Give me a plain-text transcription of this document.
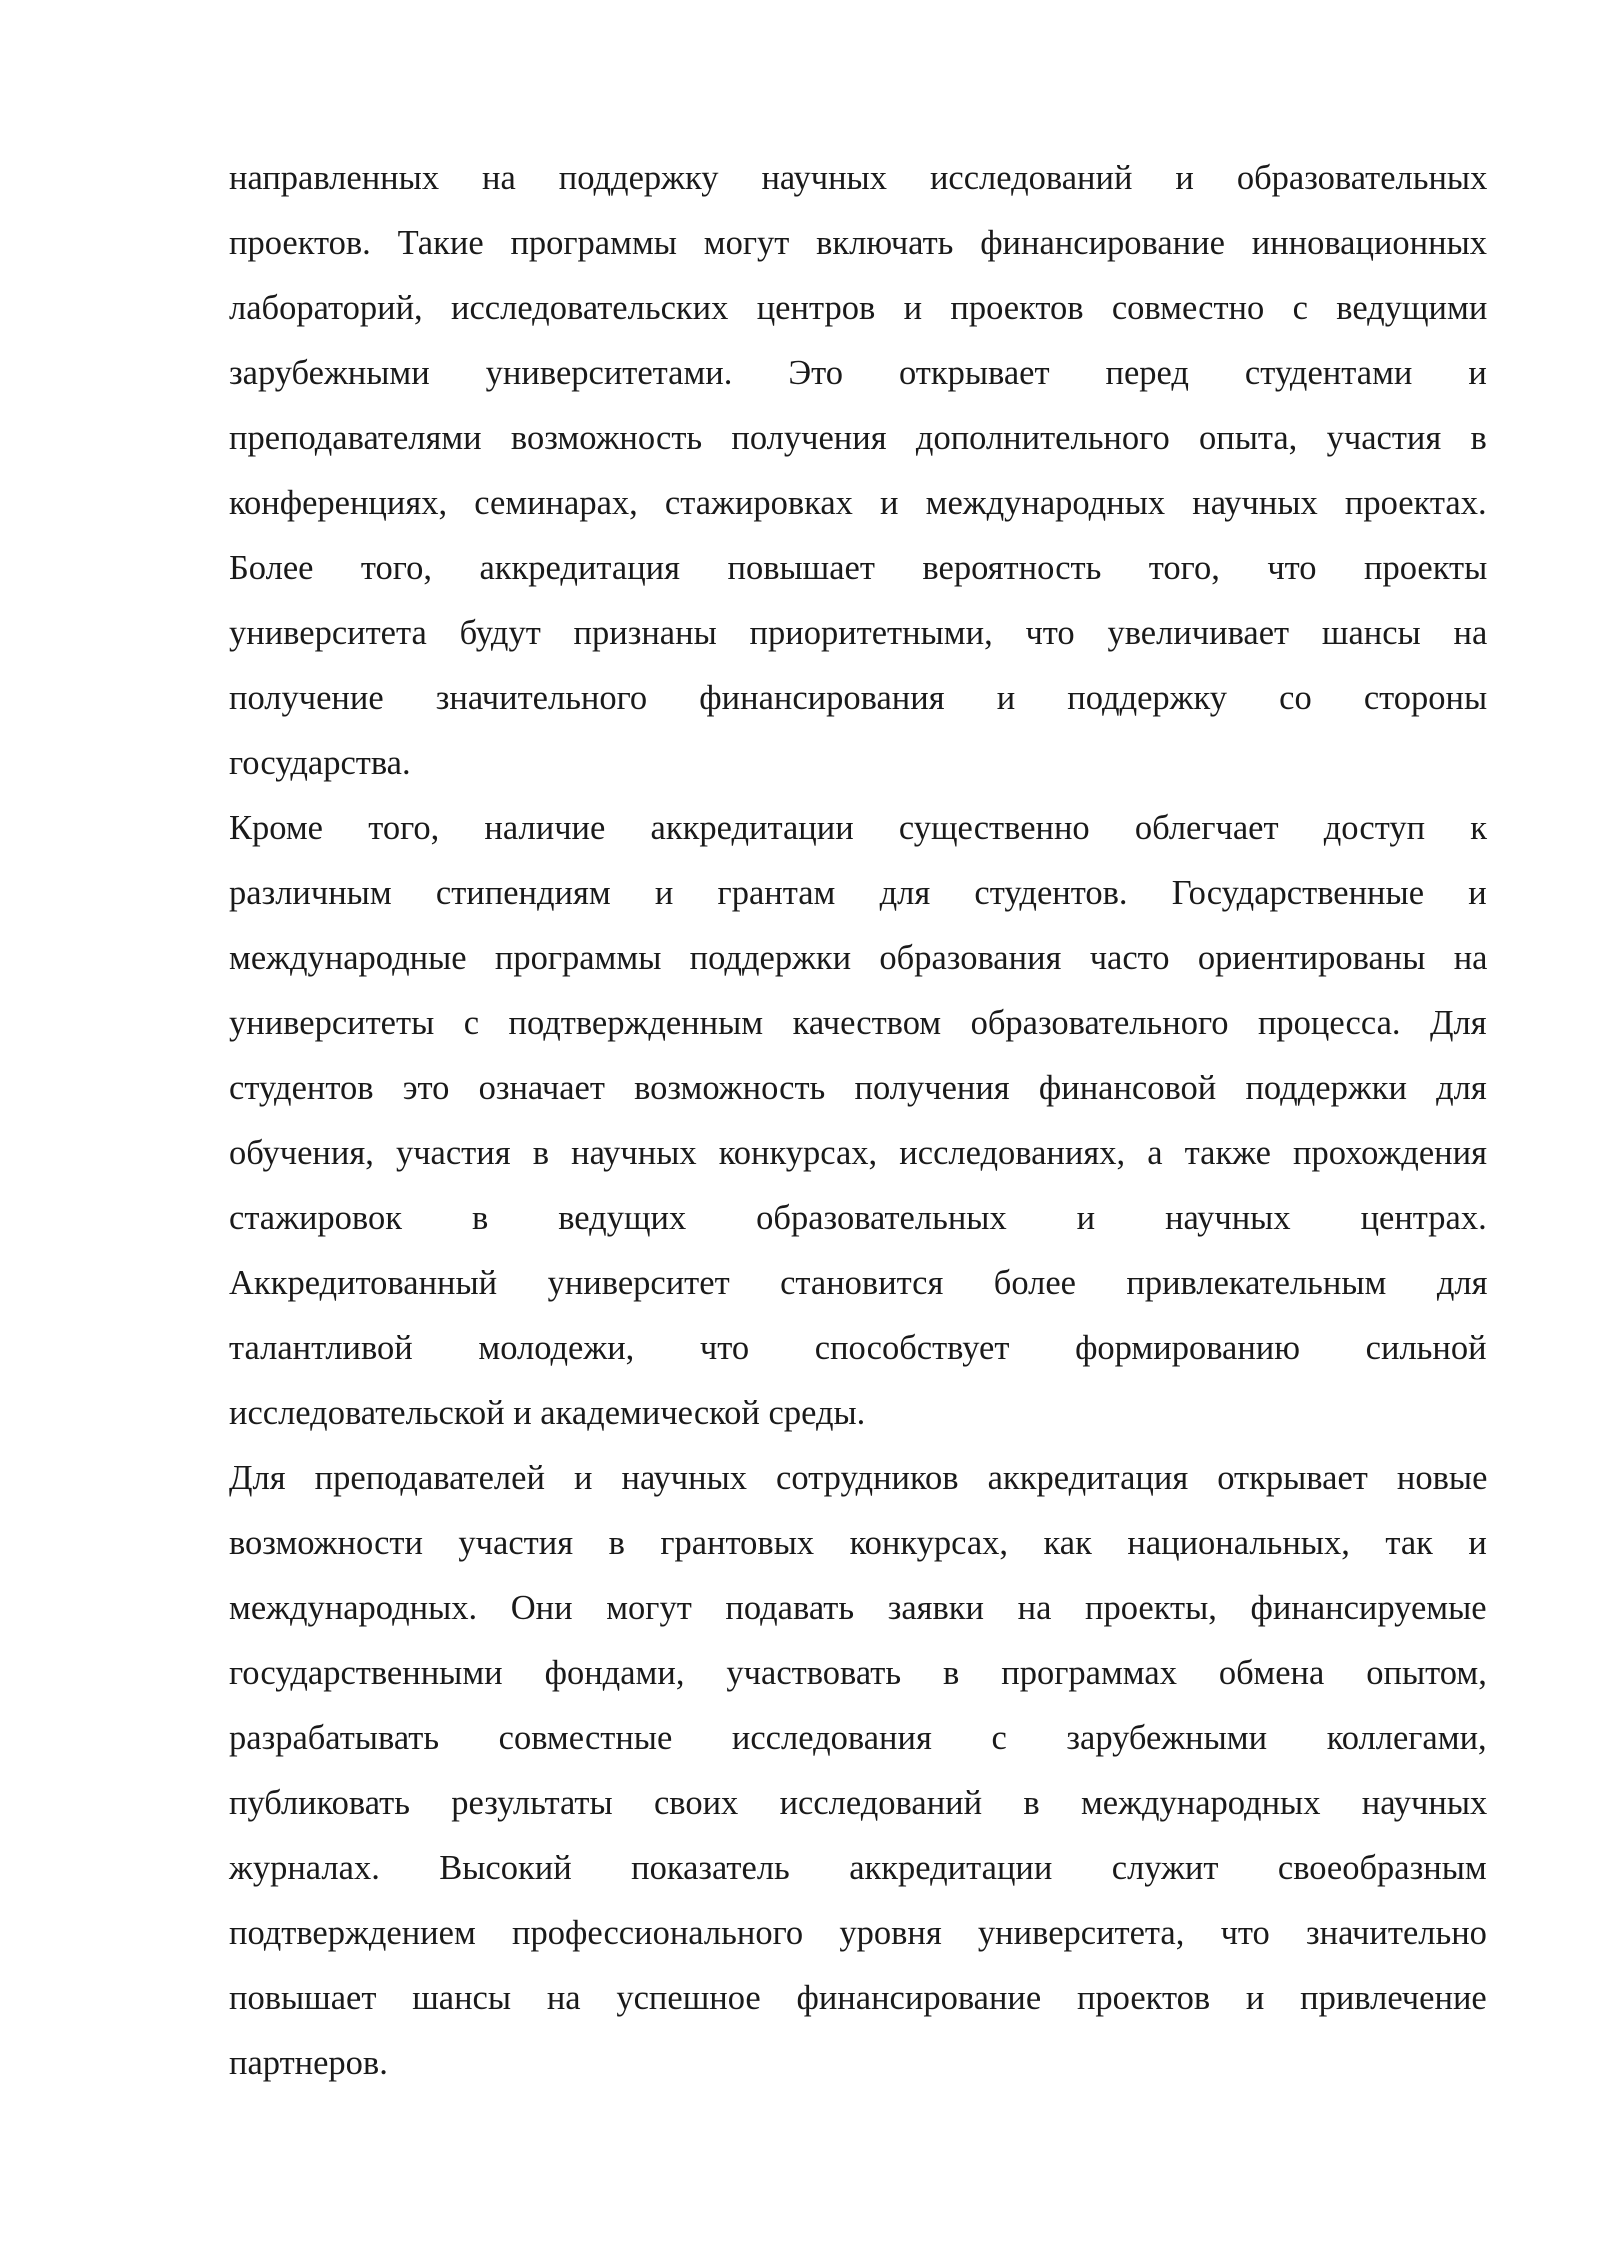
направленных на поддержку научных исследований и образовательных
проектов. Такие программы могут включать финансирование инновационных
лабораторий, исследовательских центров и проектов совместно с ведущими
зарубежными университетами. Это открывает перед студентами и
преподавателями возможность получения дополнительного опыта, участия в
конференциях, семинарах, стажировках и международных научных проектах.
Более того, аккредитация повышает вероятность того, что проекты
университета будут признаны приоритетными, что увеличивает шансы на
получение значительного финансирования и поддержку со стороны
государства.
Кроме того, наличие аккредитации существенно облегчает доступ к
различным стипендиям и грантам для студентов. Государственные и
международные программы поддержки образования часто ориентированы на
университеты с подтвержденным качеством образовательного процесса. Для
студентов это означает возможность получения финансовой поддержки для
обучения, участия в научных конкурсах, исследованиях, а также прохождения
стажировок в ведущих образовательных и научных центрах.
Аккредитованный университет становится более привлекательным для
талантливой молодежи, что способствует формированию сильной
исследовательской и академической среды.
Для преподавателей и научных сотрудников аккредитация открывает новые
возможности участия в грантовых конкурсах, как национальных, так и
международных. Они могут подавать заявки на проекты, финансируемые
государственными фондами, участвовать в программах обмена опытом,
разрабатывать совместные исследования с зарубежными коллегами,
публиковать результаты своих исследований в международных научных
журналах. Высокий показатель аккредитации служит своеобразным
подтверждением профессионального уровня университета, что значительно
повышает шансы на успешное финансирование проектов и привлечение
партнеров.
